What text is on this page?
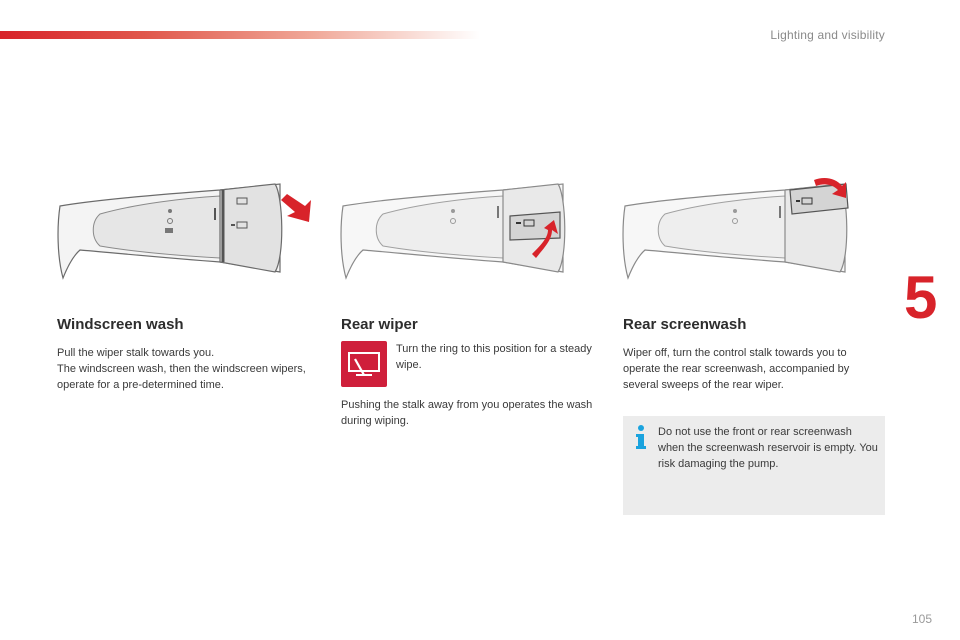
Lighting and visibility
5
105
Windscreen wash

Pull the wiper stalk towards you.

The windscreen wash, then the windscreen wipers, operate for a pre-determined time.

Rear wiper
Turn the ring to this position for a steady wipe.
Pushing the stalk away from you operates the wash during wiping.
Rear screenwash

Wiper off, turn the control stalk towards you to operate the rear screenwash, accompanied by several sweeps of the rear wiper.

Do not use the front or rear screenwash when the screenwash reservoir is empty. You risk damaging the pump.
